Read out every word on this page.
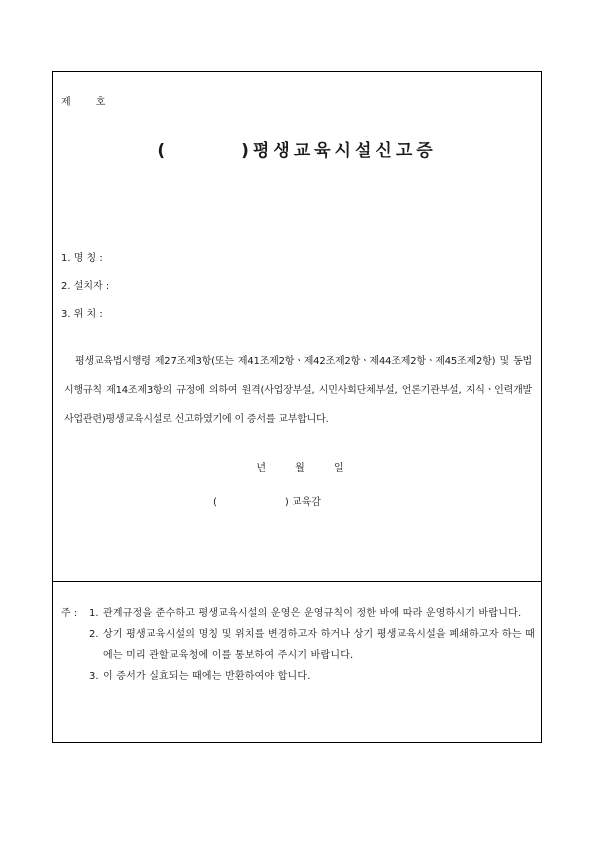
제 호
(	)평생교육시설신고증
1. 명 칭 :
2. 설치자 :
3. 위 치 :
평생교육법시행령 제27조제3항(또는 제41조제2항ㆍ제42조제2항ㆍ제44조제2항ㆍ제45조제2항) 및 동법시행규칙 제14조제3항의 규정에 의하여 원격(사업장부설, 시민사회단체부설, 언론기관부설, 지식ㆍ인력개발사업관련)평생교육시설로 신고하였기에 이 증서를 교부합니다.
년 월 일
(	) 교육감
주 : 1. 관계규정을 준수하고 평생교육시설의 운영은 운영규칙이 정한 바에 따라 운영하시기 바랍니다.
2. 상기 평생교육시설의 명칭 및 위치를 변경하고자 하거나 상기 평생교육시설을 폐쇄하고자 하는 때에는 미리 관할교육청에 이를 통보하여 주시기 바랍니다.
3. 이 증서가 실효되는 때에는 반환하여야 합니다.
